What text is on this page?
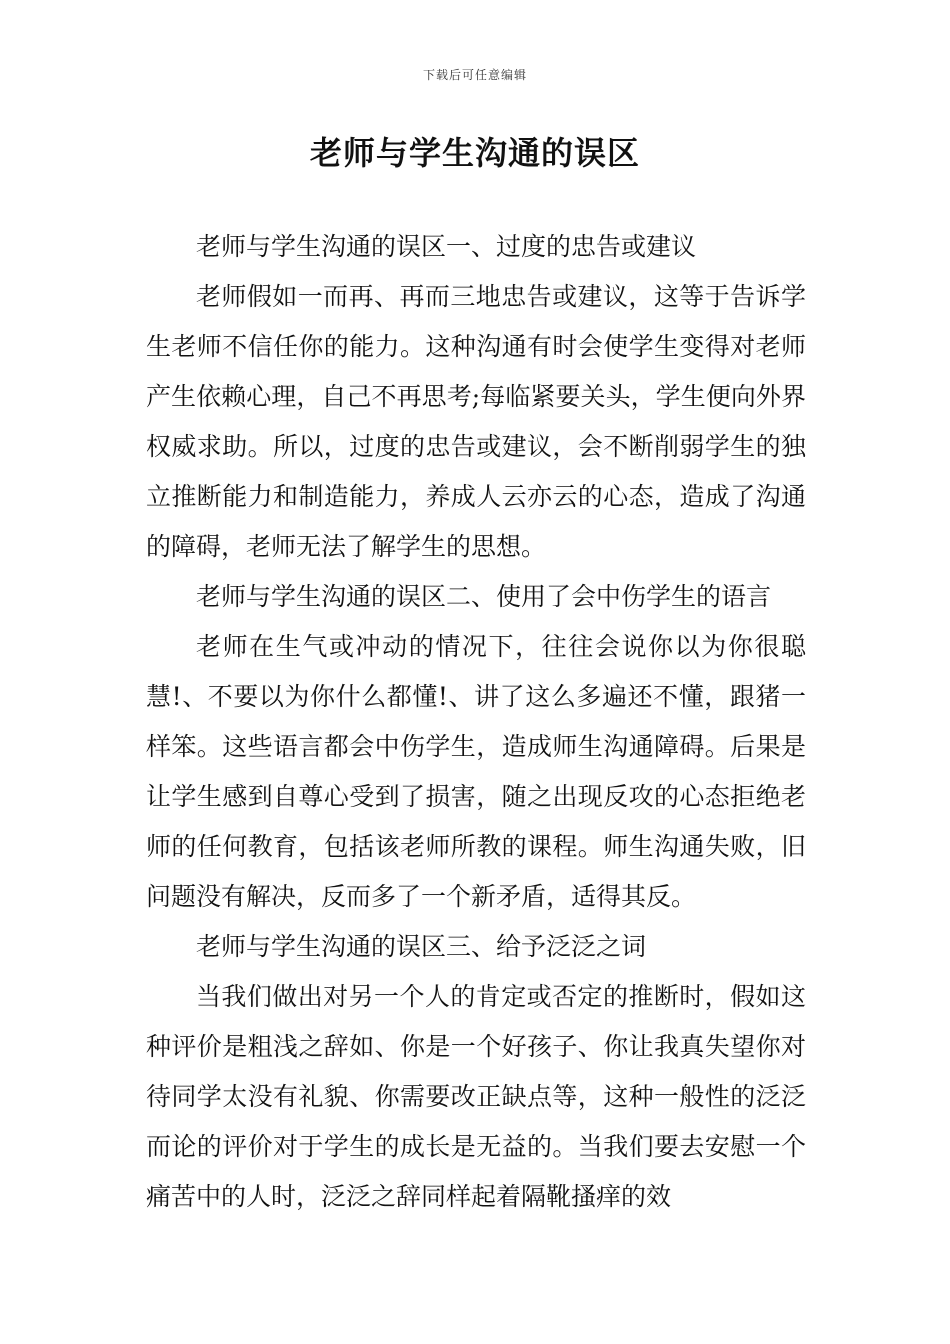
下载后可任意编辑
老师与学生沟通的误区

老师与学生沟通的误区一、过度的忠告或建议

老师假如一而再、再而三地忠告或建议，这等于告诉学生老师不信任你的能力。这种沟通有时会使学生变得对老师产生依赖心理，自己不再思考;每临紧要关头，学生便向外界权威求助。所以，过度的忠告或建议，会不断削弱学生的独立推断能力和制造能力，养成人云亦云的心态，造成了沟通的障碍，老师无法了解学生的思想。

老师与学生沟通的误区二、使用了会中伤学生的语言

老师在生气或冲动的情况下，往往会说你以为你很聪慧!、不要以为你什么都懂!、讲了这么多遍还不懂，跟猪一样笨。这些语言都会中伤学生，造成师生沟通障碍。后果是让学生感到自尊心受到了损害，随之出现反攻的心态拒绝老师的任何教育，包括该老师所教的课程。师生沟通失败，旧问题没有解决，反而多了一个新矛盾，适得其反。

老师与学生沟通的误区三、给予泛泛之词

当我们做出对另一个人的肯定或否定的推断时，假如这种评价是粗浅之辞如、你是一个好孩子、你让我真失望你对待同学太没有礼貌、你需要改正缺点等，这种一般性的泛泛而论的评价对于学生的成长是无益的。当我们要去安慰一个痛苦中的人时，泛泛之辞同样起着隔靴搔痒的效
